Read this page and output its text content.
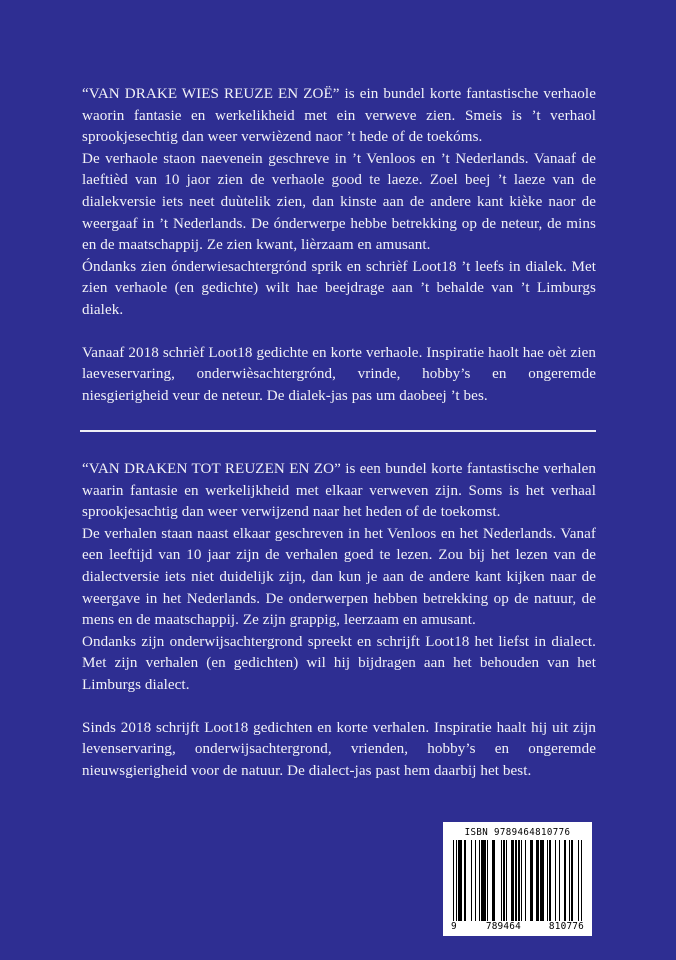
“VAN DRAKE WIES REUZE EN ZOË” is ein bundel korte fantastische verhaole waorin fantasie en werkelikheid met ein verweve zien. Smeis is ’t verhaol sprookjesechtig dan weer verwièzend naor ’t hede of de toekóms.

De verhaole staon naevenein geschreve in ’t Venloos en ’t Nederlands. Vanaaf de laeftièd van 10 jaor zien de verhaole good te laeze. Zoel beej ’t laeze van de dialekversie iets neet duùtelik zien, dan kinste aan de andere kant kièke naor de weergaaf in ’t Nederlands. De ónderwerpe hebbe betrekking op de neteur, de mins en de maatschappij. Ze zien kwant, lièrzaam en amusant.

Óndanks zien ónderwiesachtergrónd sprik en schrièf Loot18 ’t leefs in dialek. Met zien verhaole (en gedichte) wilt hae beejdrage aan ’t behalde van ’t Limburgs dialek.

Vanaaf 2018 schrièf Loot18 gedichte en korte verhaole. Inspiratie haolt hae oèt zien laeveservaring, onderwièsachtergrónd, vrinde, hobby’s en ongeremde niesgierigheid veur de neteur. De dialek-jas pas um daobeej ’t bes.

“VAN DRAKEN TOT REUZEN EN ZO” is een bundel korte fantastische verhalen waarin fantasie en werkelijkheid met elkaar verweven zijn. Soms is het verhaal sprookjesachtig dan weer verwijzend naar het heden of de toekomst.

De verhalen staan naast elkaar geschreven in het Venloos en het Nederlands. Vanaf een leeftijd van 10 jaar zijn de verhalen goed te lezen. Zou bij het lezen van de dialectversie iets niet duidelijk zijn, dan kun je aan de andere kant kijken naar de weergave in het Nederlands. De onderwerpen hebben betrekking op de natuur, de mens en de maatschappij. Ze zijn grappig, leerzaam en amusant.

Ondanks zijn onderwijsachtergrond spreekt en schrijft Loot18 het liefst in dialect.  Met zijn verhalen (en gedichten) wil hij bijdragen aan het behouden van het Limburgs dialect.

Sinds 2018 schrijft Loot18 gedichten en korte verhalen. Inspiratie haalt hij uit zijn levenservaring, onderwijsachtergrond, vrienden, hobby’s en ongeremde nieuwsgierigheid voor de natuur. De dialect-jas past hem daarbij het best.

ISBN 9789464810776
9	789464	810776
